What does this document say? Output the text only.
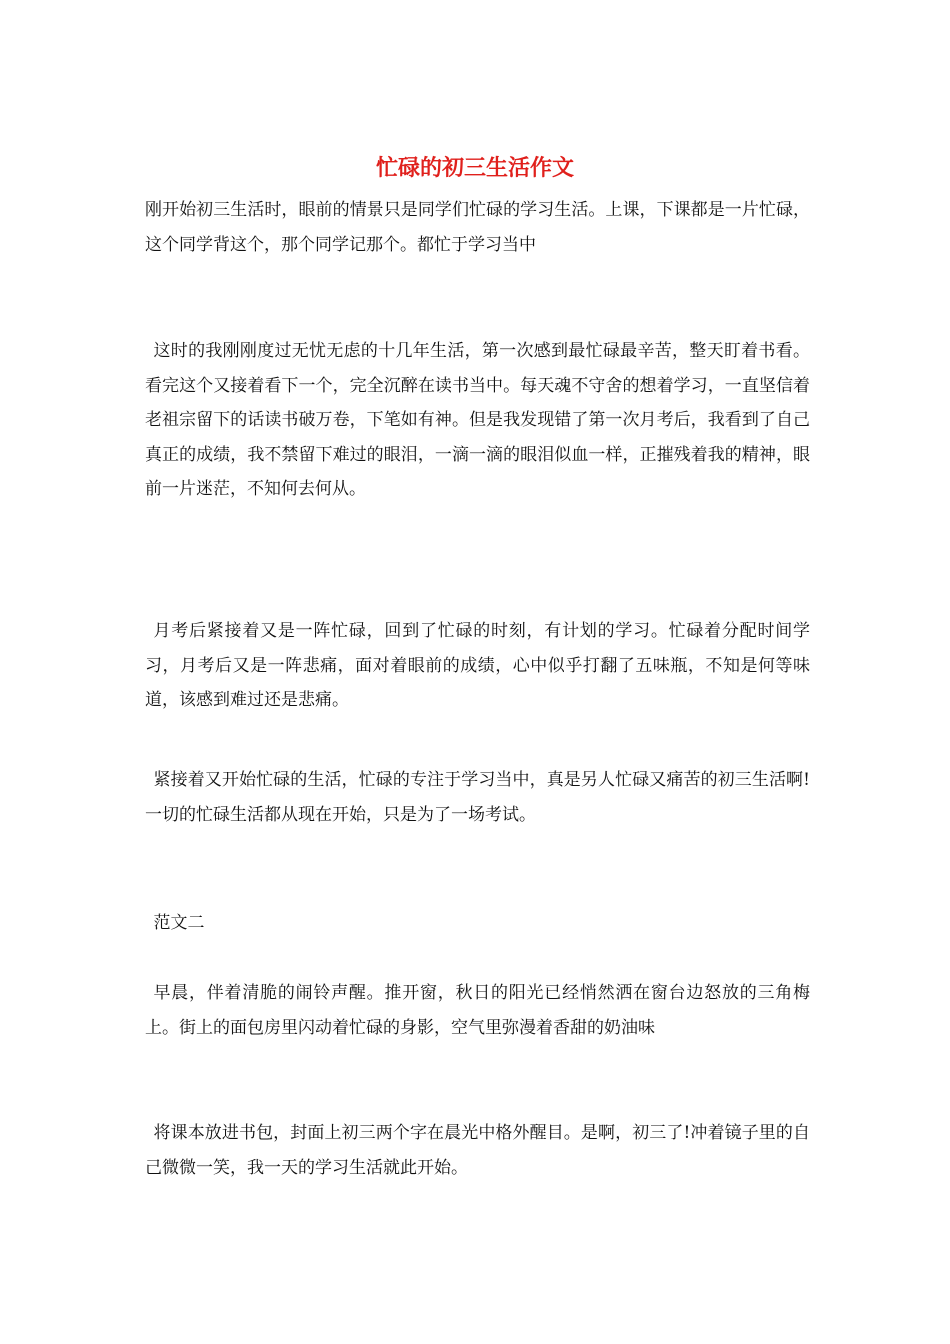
忙碌的初三生活作文

刚开始初三生活时，眼前的情景只是同学们忙碌的学习生活。上课，下课都是一片忙碌，这个同学背这个，那个同学记那个。都忙于学习当中

这时的我刚刚度过无忧无虑的十几年生活，第一次感到最忙碌最辛苦，整天盯着书看。看完这个又接着看下一个，完全沉醉在读书当中。每天魂不守舍的想着学习，一直坚信着老祖宗留下的话读书破万卷，下笔如有神。但是我发现错了第一次月考后，我看到了自己真正的成绩，我不禁留下难过的眼泪，一滴一滴的眼泪似血一样，正摧残着我的精神，眼前一片迷茫，不知何去何从。

月考后紧接着又是一阵忙碌，回到了忙碌的时刻，有计划的学习。忙碌着分配时间学习，月考后又是一阵悲痛，面对着眼前的成绩，心中似乎打翻了五味瓶，不知是何等味道，该感到难过还是悲痛。

紧接着又开始忙碌的生活，忙碌的专注于学习当中，真是另人忙碌又痛苦的初三生活啊!一切的忙碌生活都从现在开始，只是为了一场考试。

范文二

早晨，伴着清脆的闹铃声醒。推开窗，秋日的阳光已经悄然洒在窗台边怒放的三角梅上。街上的面包房里闪动着忙碌的身影，空气里弥漫着香甜的奶油味

将课本放进书包，封面上初三两个字在晨光中格外醒目。是啊，初三了!冲着镜子里的自己微微一笑，我一天的学习生活就此开始。
